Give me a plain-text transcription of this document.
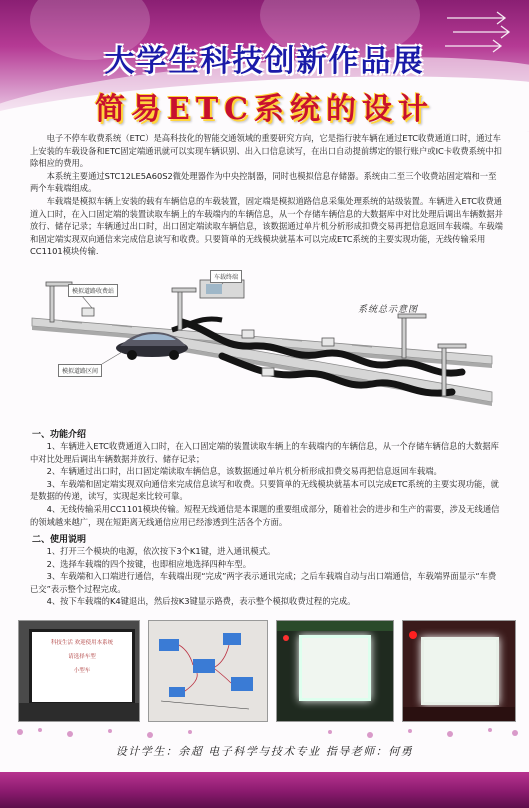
大学生科技创新作品展
简易ETC系统的设计

电子不停车收费系统（ETC）是高科技化的智能交通领域的重要研究方向，它是指行驶车辆在通过ETC收费通道口时，通过车上安装的车载设备和ETC固定端通讯就可以实现车辆识别、出入口信息读写，在出口自动提前绑定的银行账户或IC卡收费系统中扣除相应的费用。

本系统主要通过STC12LE5A60S2微处理器作为中央控制器，同时也模拟信息存储器。系统由二至三个收费站固定端和一至两个车载端组成。

车载端是模拟车辆上安装的载有车辆信息的车载装置，固定端是模拟道路信息采集处理系统的站级装置。车辆进入ETC收费通道入口时，在入口固定端的装置读取车辆上的车载端内的车辆信息，从一个存储车辆信息的大数据库中对比处理后调出车辆数据并放行、储存记录；车辆通过出口时，出口固定端读取车辆信息，该数据通过单片机分析形成扣费交易再把信息返回车载端。车载端和固定端实现双向通信来完成信息读写和收费。只要简单的无线模块就基本可以完成ETC系统的主要实现功能，无线传输采用CC1101模块传输.

模拟道路收费站
车载终端
模拟道路区间
系统总示意图
一、功能介绍

1、车辆进入ETC收费通道入口时，在入口固定端的装置读取车辆上的车载端内的车辆信息，从一个存储车辆信息的大数据库中对比处理后调出车辆数据并放行、储存记录；

2、车辆通过出口时，出口固定端读取车辆信息，该数据通过单片机分析形成扣费交易再把信息返回车载端。

3、车载端和固定端实现双向通信来完成信息读写和收费。只要简单的无线模块就基本可以完成ETC系统的主要实现功能，就是数据的传递，读写，实现起来比较可靠。

4、无线传输采用CC1101模块传输。短程无线通信是本课题的重要组成部分，随着社会的进步和生产的需要，涉及无线通信的领域越来越广，现在短距离无线通信应用已经渗透到生活各个方面。

二、使用说明

1、打开三个模块的电源，依次按下3个K1键，进入通讯模式。

2、选择车载端的四个按键，也即相应地选择四种车型。

3、车载端和入口端进行通信，车载端出现“完成”两字表示通讯完成；之后车载端自动与出口端通信，车载端界面显示“车费已交”表示整个过程完成。

4、按下车载端的K4键退出，然后按K3键显示路费，表示整个模拟收费过程的完成。

科技生活 欢迎使用本系统
请选择车型
小型车
设计学生：余超 电子科学与技术专业 指导老师：何勇
